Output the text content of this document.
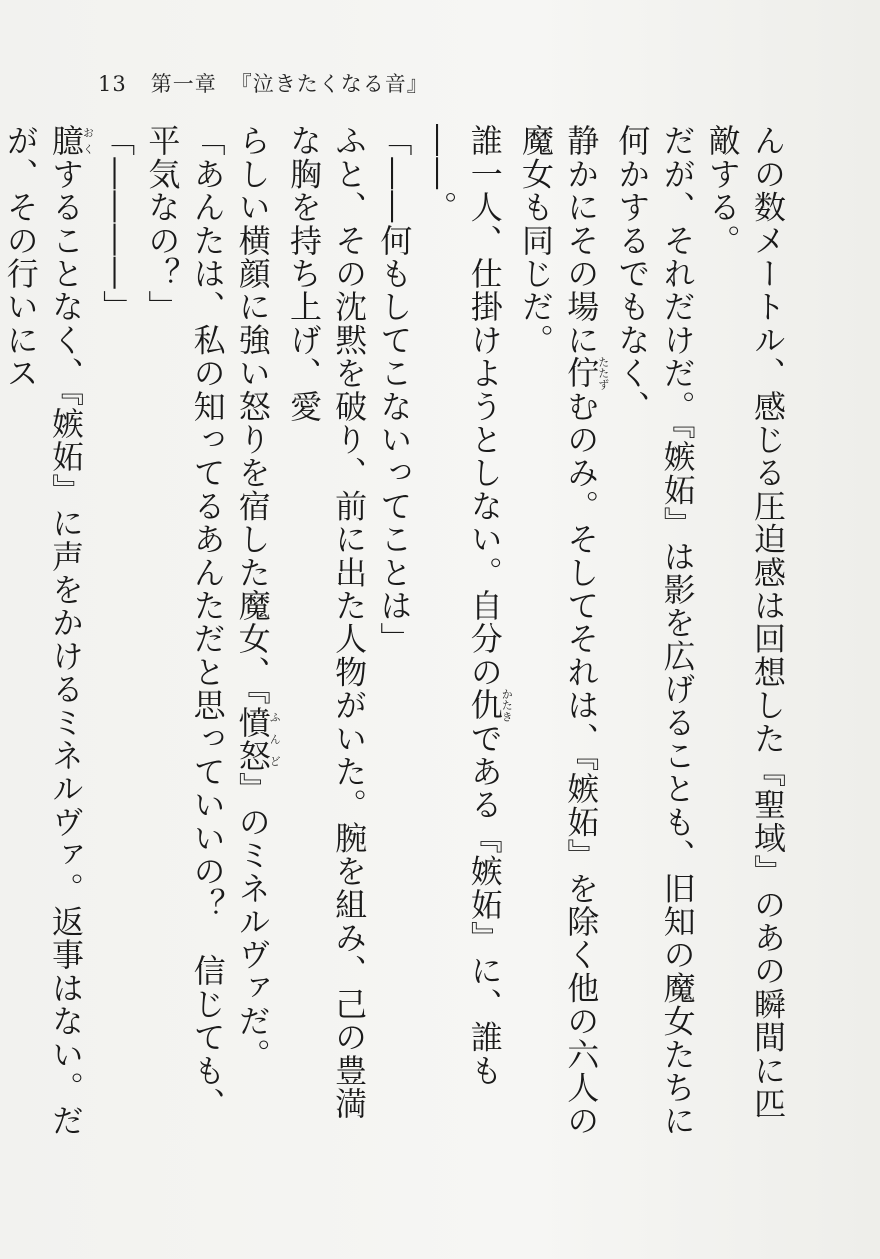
13 第一章 『泣きたくなる音』

んの数メートル、感じる圧迫感は回想した『聖域』のあの瞬間に匹敵する。

だが、それだけだ。『嫉妬』は影を広げることも、旧知の魔女たちに何かするでもなく、

静かにその場に佇たたずむのみ。そしてそれは、『嫉妬』を除く他の六人の魔女も同じだ。

誰一人、仕掛けようとしない。自分の仇かたきである『嫉妬』に、誰も――。

「――何もしてこないってことは」

ふと、その沈黙を破り、前に出た人物がいた。腕を組み、己の豊満な胸を持ち上げ、愛

らしい横顔に強い怒りを宿した魔女、『憤怒ふんど』のミネルヴァだ。

「あんたは、私の知ってるあんただと思っていいの？　信じても、平気なの？」

「――――」

臆おくすることなく、『嫉妬』に声をかけるミネルヴァ。返事はない。だが、その行いにス
